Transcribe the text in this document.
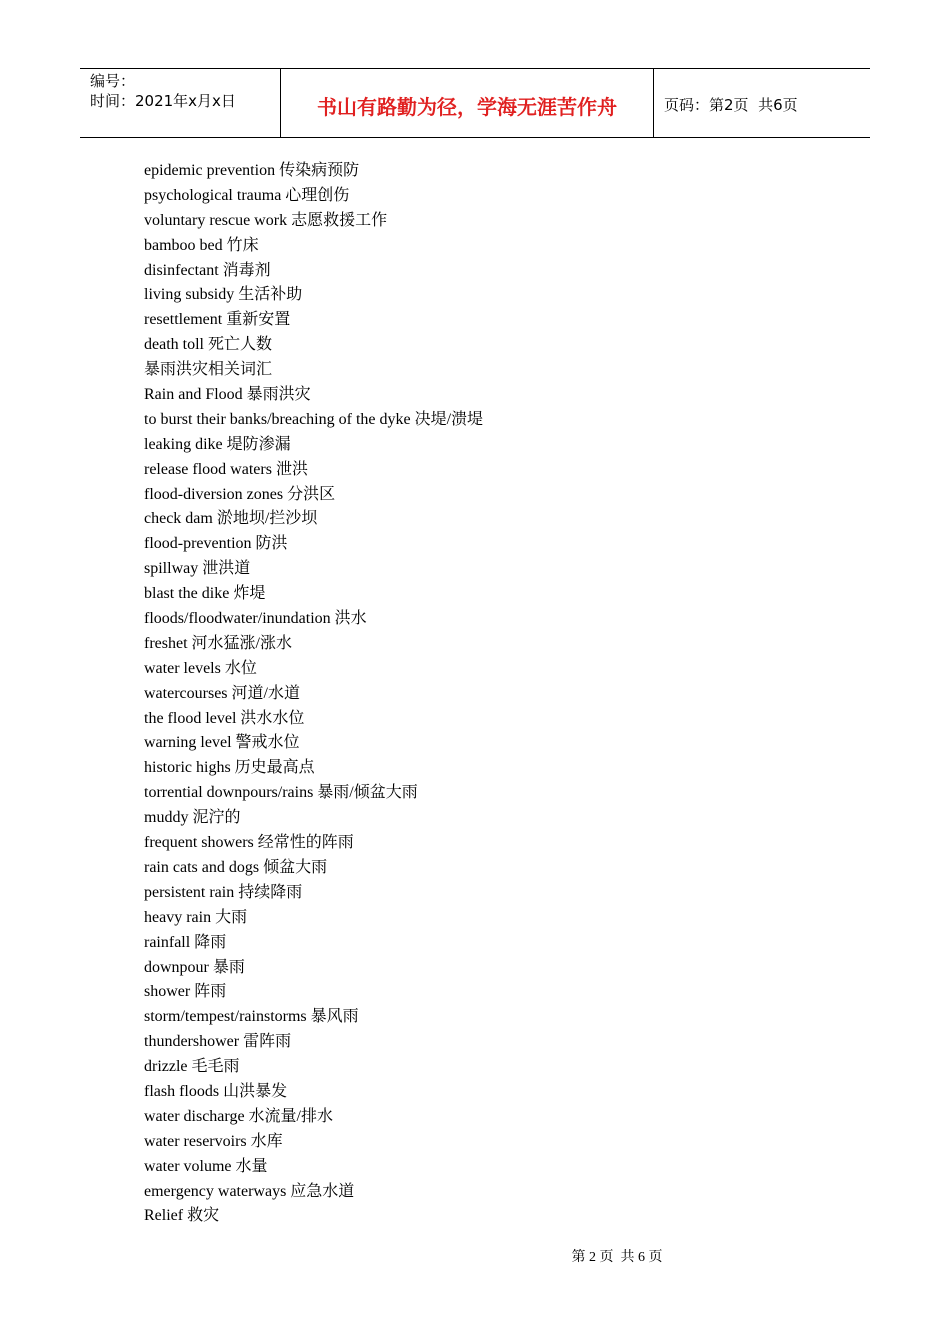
编号：
时间：2021年x月x日	书山有路勤为径，学海无涯苦作舟	页码：第2页  共6页
epidemic prevention 传染病预防
psychological trauma 心理创伤
voluntary rescue work 志愿救援工作
bamboo bed 竹床
disinfectant 消毒剂
living subsidy 生活补助
resettlement 重新安置
death toll 死亡人数
暴雨洪灾相关词汇
Rain and Flood 暴雨洪灾
to burst their banks/breaching of the dyke 决堤/溃堤
leaking dike 堤防渗漏
release flood waters 泄洪
flood-diversion zones 分洪区
check dam 淤地坝/拦沙坝
flood-prevention 防洪
spillway 泄洪道
blast the dike 炸堤
floods/floodwater/inundation 洪水
freshet 河水猛涨/涨水
water levels 水位
watercourses 河道/水道
the flood level 洪水水位
warning level 警戒水位
historic highs 历史最高点
torrential downpours/rains 暴雨/倾盆大雨
muddy 泥泞的
frequent showers 经常性的阵雨
rain cats and dogs 倾盆大雨
persistent rain 持续降雨
heavy rain 大雨
rainfall 降雨
downpour 暴雨
shower 阵雨
storm/tempest/rainstorms 暴风雨
thundershower 雷阵雨
drizzle 毛毛雨
flash floods 山洪暴发
water discharge 水流量/排水
water reservoirs 水库
water volume 水量
emergency waterways 应急水道
Relief 救灾
第 2 页  共 6 页
